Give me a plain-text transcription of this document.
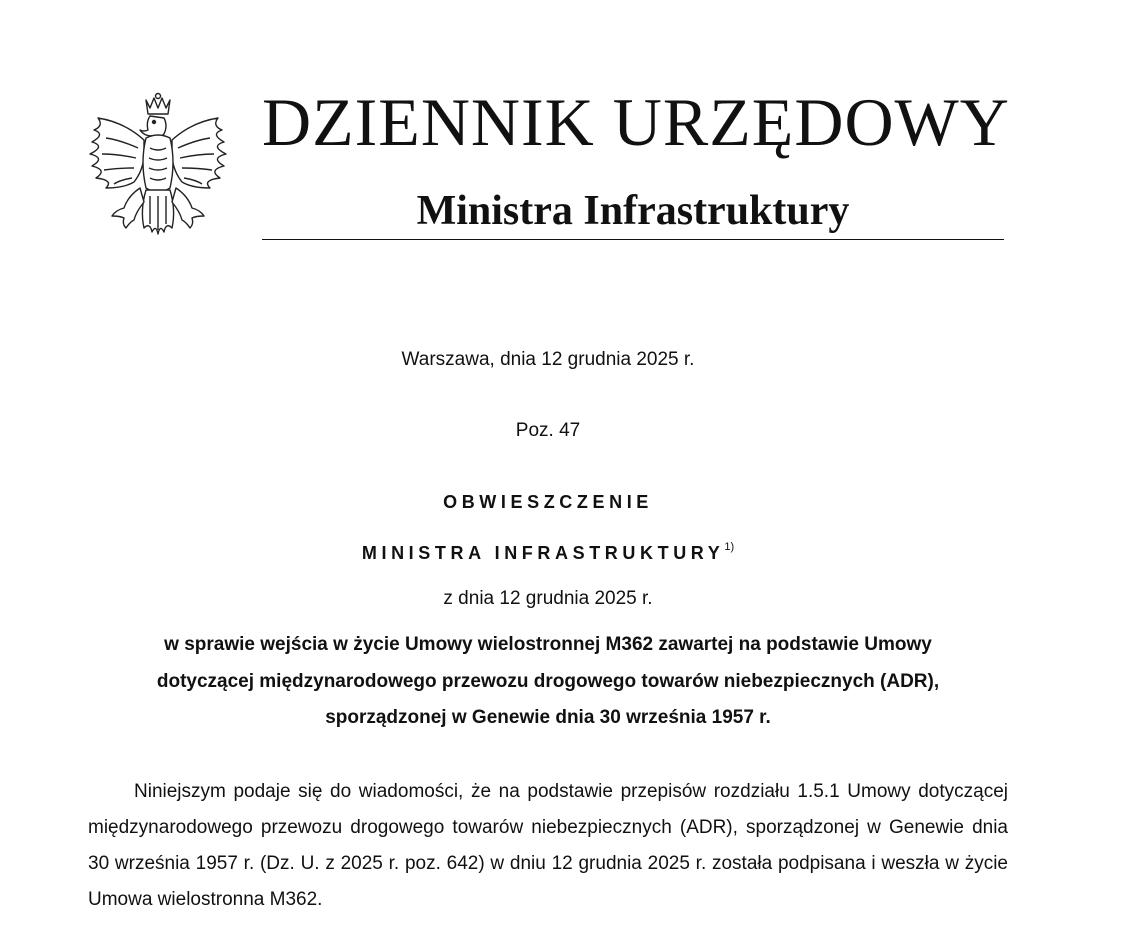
DZIENNIK URZĘDOWY
Ministra Infrastruktury

Warszawa, dnia 12 grudnia 2025 r.

Poz. 47

OBWIESZCZENIE

MINISTRA INFRASTRUKTURY$^{1)}$

z dnia 12 grudnia 2025 r.

w sprawie wejścia w życie Umowy wielostronnej M362 zawartej na podstawie Umowy

dotyczącej międzynarodowego przewozu drogowego towarów niebezpiecznych (ADR),

sporządzonej w Genewie dnia 30 września 1957 r.

Niniejszym podaje się do wiadomości, że na podstawie przepisów rozdziału 1.5.1 Umowy dotyczącej międzynarodowego przewozu drogowego towarów niebezpiecznych (ADR), sporządzonej w Genewie dnia 30 września 1957 r. (Dz. U. z 2025 r. poz. 642) w dniu 12 grudnia 2025 r. została podpisana i weszła w życie Umowa wielostronna M362.
